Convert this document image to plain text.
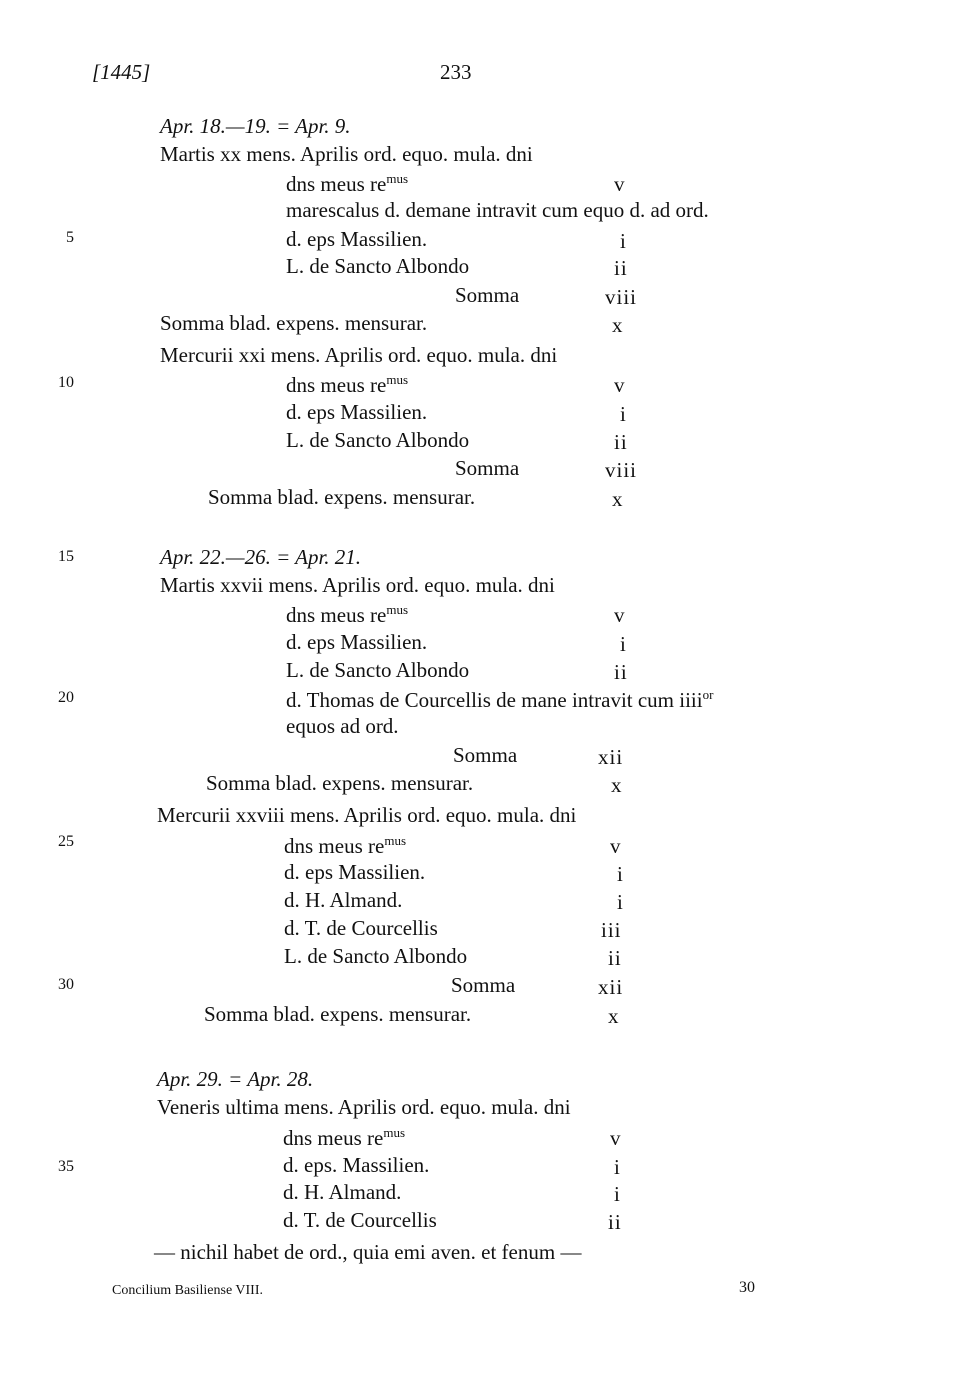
[1445]	233
5
10
15
20
25
30
35
Apr. 18.—19. = Apr. 9.
Martis xx mens. Aprilis ord. equo. mula. dni
dns meus $re^{mus}$	v
marescalus d. demane intravit cum equo d. ad ord.
d. eps Massilien.	i
L. de Sancto Albondo	ii
Somma	viii
Somma blad. expens. mensurar.	x
Mercurii xxi mens. Aprilis ord. equo. mula. dni
dns meus $re^{mus}$	v
d. eps Massilien.	i
L. de Sancto Albondo	ii
Somma	viii
Somma blad. expens. mensurar.	x
Apr. 22.—26. = Apr. 21.
Martis xxvii mens. Aprilis ord. equo. mula. dni
dns meus $re^{mus}$	v
d. eps Massilien.	i
L. de Sancto Albondo	ii
d. Thomas de Courcellis de mane intravit cum iiii$^{or}$
equos ad ord.
Somma	xii
Somma blad. expens. mensurar.	x
Mercurii xxviii mens. Aprilis ord. equo. mula. dni
dns meus $re^{mus}$	v
d. eps Massilien.	i
d. H. Almand.	i
d. T. de Courcellis	iii
L. de Sancto Albondo	ii
Somma	xii
Somma blad. expens. mensurar.	x
Apr. 29. = Apr. 28.
Veneris ultima mens. Aprilis ord. equo. mula. dni
dns meus $re^{mus}$	v
d. eps. Massilien.	i
d. H. Almand.	i
d. T. de Courcellis	ii
— nichil habet de ord., quia emi aven. et fenum —
Concilium Basiliense VIII.	30
